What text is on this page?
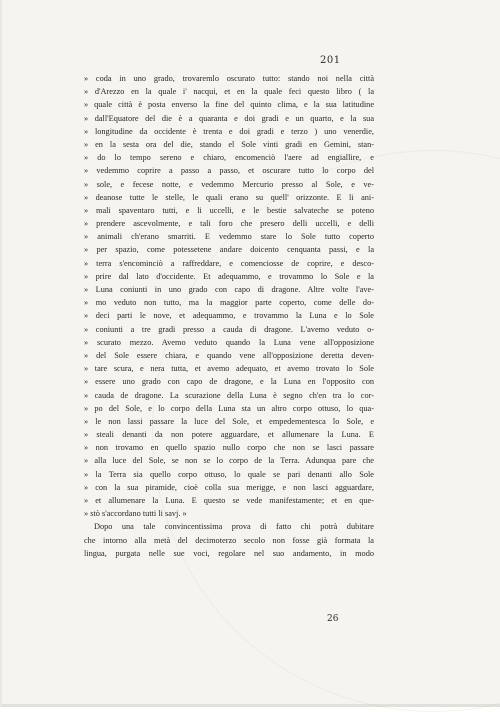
201
» coda in uno grado, trovaremlo oscurato tutto: stando noi nella città
» d'Arezzo en la quale i' nacqui, et en la quale feci questo libro ( la
» quale città è posta enverso la fine del quinto clima, e la sua latitudine
» dall'Equatore del die è a quaranta e doi gradi e un quarto, e la sua
» longitudine da occidente è trenta e doi gradi e terzo ) uno venerdie,
» en la sesta ora del die, stando el Sole vinti gradi en Gemini, stan-
» do lo tempo sereno e chiaro, encomenciò l'aere ad engiallire, e
» vedemmo coprire a passo a passo, et oscurare tutto lo corpo del
» sole, e fecese notte, e vedemmo Mercurio presso al Sole, e ve-
» deanose tutte le stelle, le quali erano su quell' orizzonte. E li ani-
» mali spaventaro tutti, e li uccelli, e le bestie salvateche se poteno
» prendere ascevolmente, e tali foro che presero delli uccelli, e delli
» animali ch'erano smarriti. E vedemmo stare lo Sole tutto coperto
» per spazio, come potessetene andare doicento cenquanta passi, e la
» terra s'encominciò a raffreddare, e comenciosse de coprire, e desco-
» prire dal lato d'occidente. Et adequammo, e trovammo lo Sole e la
» Luna coniunti in uno grado con capo di dragone. Altre volte l'ave-
» mo veduto non tutto, ma la maggior parte coperto, come delle do-
» deci parti le nove, et adequammo, e trovammo la Luna e lo Sole
» coniunti a tre gradi presso a cauda di dragone. L'avemo veduto o-
» scurato mezzo. Avemo veduto quando la Luna vene all'opposizione
» del Sole essere chiara, e quando vene all'opposizione deretta deven-
» tare scura, e nera tutta, et avemo adequato, et avemo trovato lo Sole
» essere uno grado con capo de dragone, e la Luna en l'opposito con
» cauda de dragone. La scurazione della Luna è segno ch'en tra lo cor-
» po del Sole, e lo corpo della Luna sta un altro corpo ottuso, lo qua-
» le non lassi passare la luce del Sole, et empedementesca lo Sole, e
» steali denanti da non potere agguardare, et allumenare la Luna. E
» non trovamo en quello spazio nullo corpo che non se lasci passare
» alla luce del Sole, se non se lo corpo de la Terra. Adunqua pare che
» la Terra sia quello corpo ottuso, lo quale se pari denanti allo Sole
» con la sua piramide, cioè colla sua merigge, e non lasci agguardare,
» et allumenare la Luna. E questo se vede manifestamente; et en que-
» stò s'accordano tutti li savj. »
Dopo una tale convincentissima prova di fatto chi potrà dubitare
che intorno alla metà del decimoterzo secolo non fosse già formata la
lingua, purgata nelle sue voci, regolare nel suo andamento, in modo
26
